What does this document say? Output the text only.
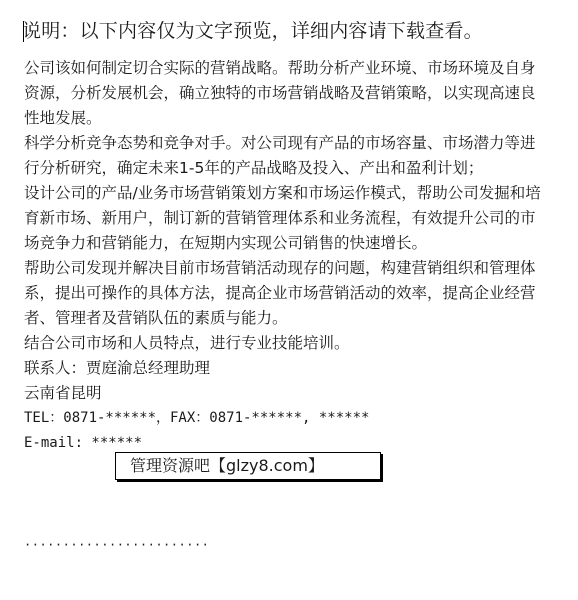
说明：以下内容仅为文字预览，详细内容请下载查看。

公司该如何制定切合实际的营销战略。帮助分析产业环境、市场环境及自身资源，分析发展机会，确立独特的市场营销战略及营销策略，以实现高速良性地发展。

科学分析竞争态势和竞争对手。对公司现有产品的市场容量、市场潜力等进行分析研究，确定未来1-5年的产品战略及投入、产出和盈利计划；

设计公司的产品/业务市场营销策划方案和市场运作模式，帮助公司发掘和培育新市场、新用户，制订新的营销管理体系和业务流程，有效提升公司的市场竞争力和营销能力，在短期内实现公司销售的快速增长。

帮助公司发现并解决目前市场营销活动现存的问题，构建营销组织和管理体系，提出可操作的具体方法，提高企业市场营销活动的效率，提高企业经营者、管理者及营销队伍的素质与能力。

结合公司市场和人员特点，进行专业技能培训。

联系人：贾庭渝总经理助理

云南省昆明

TEL：0871-******，FAX：0871-******, ******

E-mail: ******

························
管理资源吧【glzy8.com】
